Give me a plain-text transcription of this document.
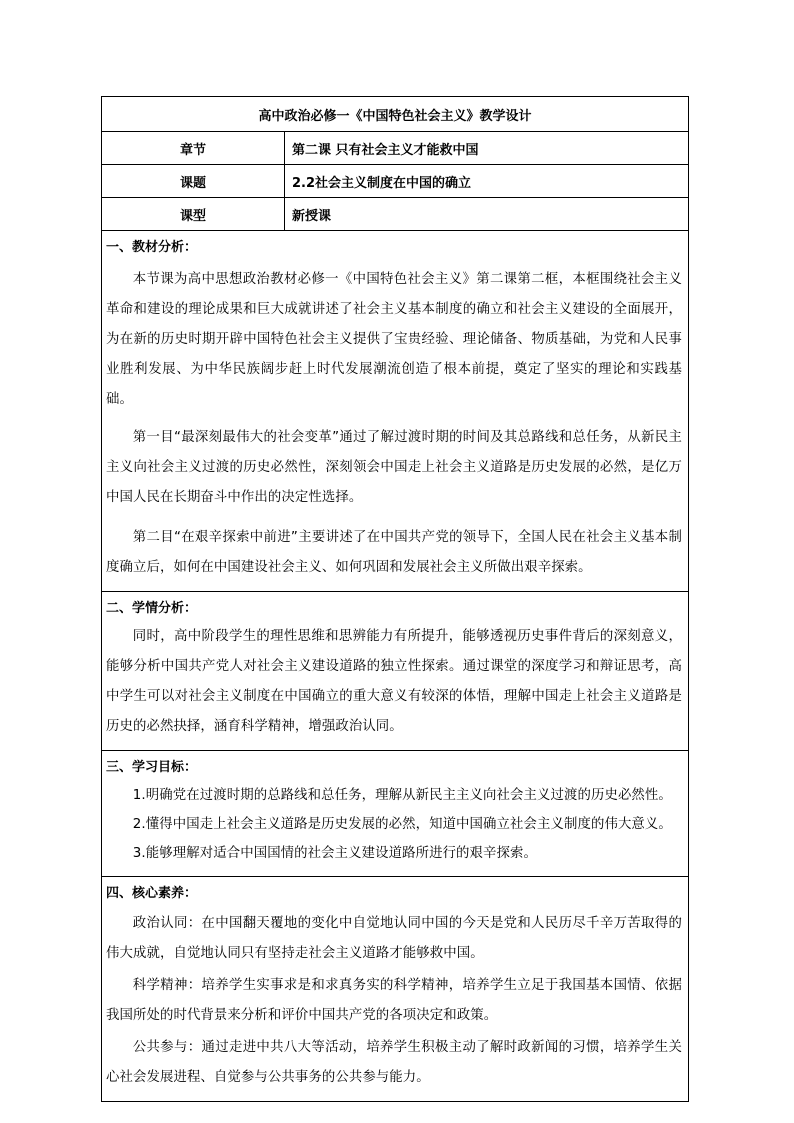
高中政治必修一《中国特色社会主义》教学设计	
章节	第二课 只有社会主义才能救中国
课题	2.2社会主义制度在中国的确立
课型	新授课

一、教材分析：

本节课为高中思想政治教材必修一《中国特色社会主义》第二课第二框，本框围绕社会主义革命和建设的理论成果和巨大成就讲述了社会主义基本制度的确立和社会主义建设的全面展开，为在新的历史时期开辟中国特色社会主义提供了宝贵经验、理论储备、物质基础，为党和人民事业胜利发展、为中华民族阔步赶上时代发展潮流创造了根本前提，奠定了坚实的理论和实践基础。

第一目“最深刻最伟大的社会变革”通过了解过渡时期的时间及其总路线和总任务，从新民主主义向社会主义过渡的历史必然性，深刻领会中国走上社会主义道路是历史发展的必然，是亿万中国人民在长期奋斗中作出的决定性选择。

第二目“在艰辛探索中前进”主要讲述了在中国共产党的领导下，全国人民在社会主义基本制度确立后，如何在中国建设社会主义、如何巩固和发展社会主义所做出艰辛探索。	

二、学情分析：

同时，高中阶段学生的理性思维和思辨能力有所提升，能够透视历史事件背后的深刻意义，能够分析中国共产党人对社会主义建设道路的独立性探索。通过课堂的深度学习和辩证思考，高中学生可以对社会主义制度在中国确立的重大意义有较深的体悟，理解中国走上社会主义道路是历史的必然抉择，涵育科学精神，增强政治认同。	

三、学习目标：

1.明确党在过渡时期的总路线和总任务，理解从新民主主义向社会主义过渡的历史必然性。

2.懂得中国走上社会主义道路是历史发展的必然，知道中国确立社会主义制度的伟大意义。

3.能够理解对适合中国国情的社会主义建设道路所进行的艰辛探索。	

四、核心素养：

政治认同：在中国翻天覆地的变化中自觉地认同中国的今天是党和人民历尽千辛万苦取得的伟大成就，自觉地认同只有坚持走社会主义道路才能够救中国。

科学精神：培养学生实事求是和求真务实的科学精神，培养学生立足于我国基本国情、依据我国所处的时代背景来分析和评价中国共产党的各项决定和政策。

公共参与：通过走进中共八大等活动，培养学生积极主动了解时政新闻的习惯，培养学生关心社会发展进程、自觉参与公共事务的公共参与能力。	
